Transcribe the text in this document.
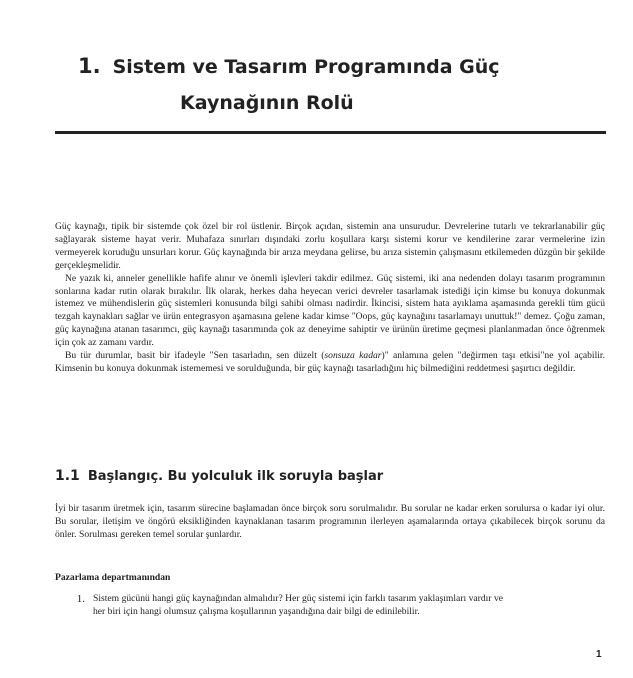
1. Sistem ve Tasarım Programında Güç
Kaynağının Rolü

Güç kaynağı, tipik bir sistemde çok özel bir rol üstlenir. Birçok açıdan, sistemin ana unsurudur. Devrelerine tutarlı ve tekrarlanabilir güç sağlayarak sisteme hayat verir. Muhafaza sınırları dışındaki zorlu koşullara karşı sistemi korur ve kendilerine zarar vermelerine izin vermeyerek koruduğu unsurları korur. Güç kaynağında bir arıza meydana gelirse, bu arıza sistemin çalışmasını etkilemeden düzgün bir şekilde gerçekleşmelidir.

Ne yazık ki, anneler genellikle hafife alınır ve önemli işlevleri takdir edilmez. Güç sistemi, iki ana nedenden dolayı tasarım programının sonlarına kadar rutin olarak bırakılır. İlk olarak, herkes daha heyecan verici devreler tasarlamak istediği için kimse bu konuya dokunmak istemez ve mühendislerin güç sistemleri konusunda bilgi sahibi olması nadirdir. İkincisi, sistem hata ayıklama aşamasında gerekli tüm gücü tezgah kaynakları sağlar ve ürün entegrasyon aşamasına gelene kadar kimse "Oops, güç kaynağını tasarlamayı unuttuk!" demez. Çoğu zaman, güç kaynağına atanan tasarımcı, güç kaynağı tasarımında çok az deneyime sahiptir ve ürünün üretime geçmesi planlanmadan önce öğrenmek için çok az zamanı vardır.

Bu tür durumlar, basit bir ifadeyle "Sen tasarladın, sen düzelt (sonsuza kadar)" anlamına gelen "değirmen taşı etkisi"ne yol açabilir. Kimsenin bu konuya dokunmak istememesi ve sorulduğunda, bir güç kaynağı tasarladığını hiç bilmediğini reddetmesi şaşırtıcı değildir.

1.1 Başlangıç. Bu yolculuk ilk soruyla başlar

İyi bir tasarım üretmek için, tasarım sürecine başlamadan önce birçok soru sorulmalıdır. Bu sorular ne kadar erken sorulursa o kadar iyi olur. Bu sorular, iletişim ve öngörü eksikliğinden kaynaklanan tasarım programının ilerleyen aşamalarında ortaya çıkabilecek birçok sorunu da önler. Sorulması gereken temel sorular şunlardır.

Pazarlama departmanından
1. Sistem gücünü hangi güç kaynağından almalıdır? Her güç sistemi için farklı tasarım yaklaşımları vardır ve her biri için hangi olumsuz çalışma koşullarının yaşandığına dair bilgi de edinilebilir.
1
